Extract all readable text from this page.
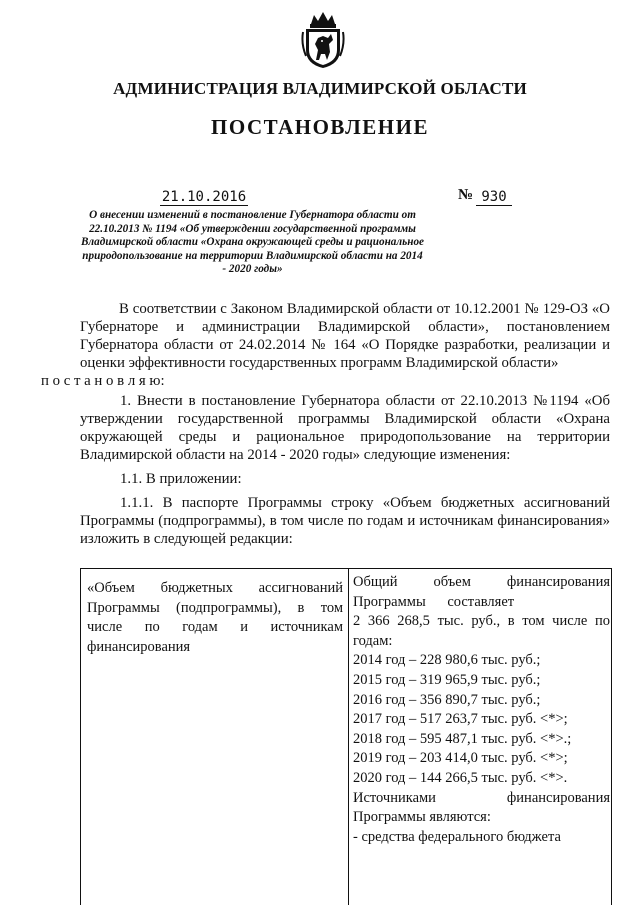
АДМИНИСТРАЦИЯ ВЛАДИМИРСКОЙ ОБЛАСТИ
ПОСТАНОВЛЕНИЕ
21.10.2016	№ 930
О внесении изменений в постановление Губернатора области от 22.10.2013 № 1194 «Об утверждении государственной программы Владимирской области «Охрана окружающей среды и рациональное природопользование на территории Владимирской области на 2014 - 2020 годы»
В соответствии с Законом Владимирской области от 10.12.2001 № 129-ОЗ «О Губернаторе и администрации Владимирской области», постановлением Губернатора области от 24.02.2014 № 164 «О Порядке разработки, реализации и оценки эффективности государственных программ Владимирской области»
п о с т а н о в л я ю:
1. Внести в постановление Губернатора области от 22.10.2013 №1194 «Об утверждении государственной программы Владимирской области «Охрана окружающей среды и рациональное природопользование на территории Владимирской области на 2014 - 2020 годы» следующие изменения:
1.1. В приложении:
1.1.1. В паспорте Программы строку «Объем бюджетных ассигнований Программы (подпрограммы), в том числе по годам и источникам финансирования» изложить в следующей редакции:
«Объем бюджетных ассигнований Программы (подпрограммы), в том числе по годам и источникам финансирования
Общий объем финансирования Программы составляет
2 366 268,5 тыс. руб., в том числе по годам:
2014 год – 228 980,6 тыс. руб.;
2015 год – 319 965,9 тыс. руб.;
2016 год – 356 890,7 тыс. руб.;
2017 год – 517 263,7 тыс. руб. <*>;
2018 год – 595 487,1 тыс. руб. <*>.;
2019 год – 203 414,0 тыс. руб. <*>;
2020 год – 144 266,5 тыс. руб. <*>.
Источниками	финансирования
Программы являются:
- средства федерального бюджета
